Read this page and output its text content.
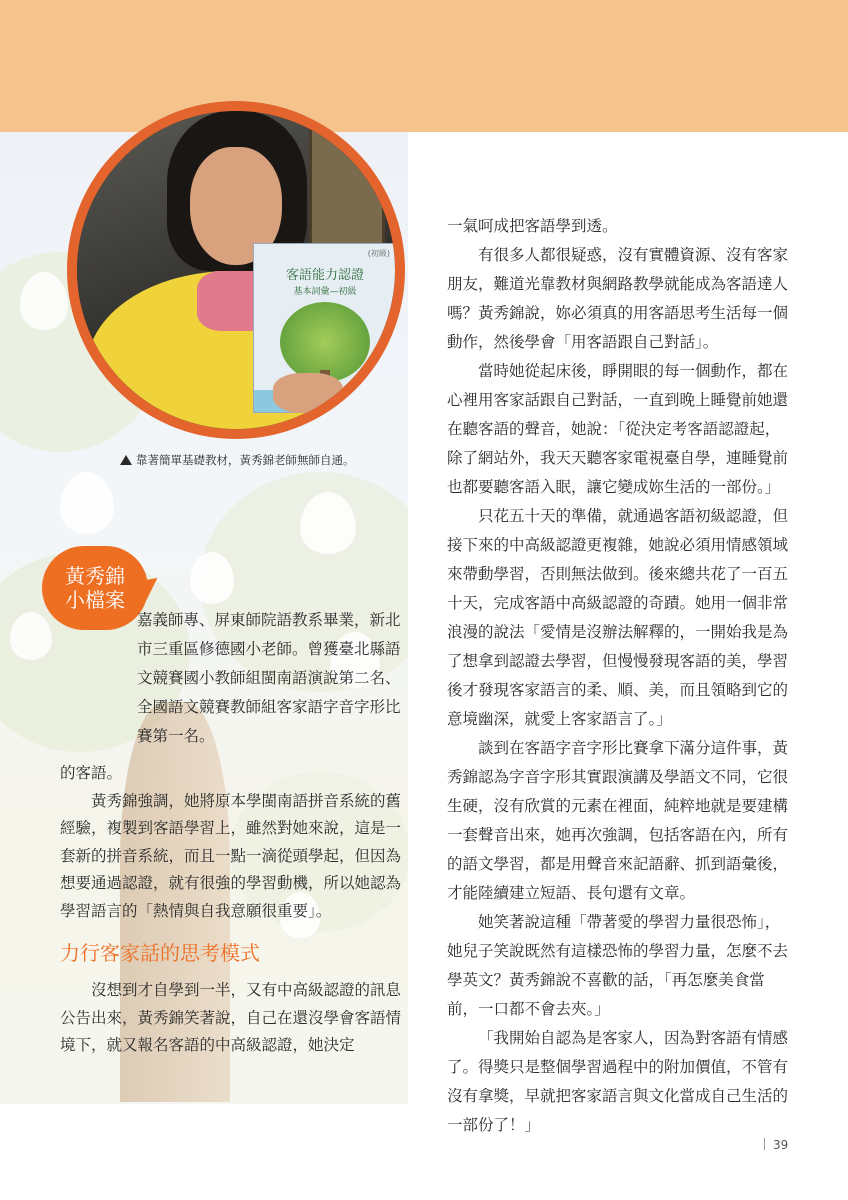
(初級)
客語能力認證
基本詞彙—初級
靠著簡單基礎教材，黃秀錦老師無師自通。
黃秀錦
小檔案

嘉義師專、屏東師院語教系畢業，新北市三重區修德國小老師。曾獲臺北縣語文競賽國小教師組閩南語演說第二名、全國語文競賽教師組客家語字音字形比賽第一名。

的客語。

黃秀錦強調，她將原本學閩南語拼音系統的舊經驗，複製到客語學習上，雖然對她來說，這是一套新的拼音系統，而且一點一滴從頭學起，但因為想要通過認證，就有很強的學習動機，所以她認為學習語言的「熱情與自我意願很重要」。

力行客家話的思考模式

沒想到才自學到一半，又有中高級認證的訊息公告出來，黃秀錦笑著說，自己在還沒學會客語情境下，就又報名客語的中高級認證，她決定

一氣呵成把客語學到透。

有很多人都很疑惑，沒有實體資源、沒有客家朋友，難道光靠教材與網路教學就能成為客語達人嗎？黃秀錦說，妳必須真的用客語思考生活每一個動作，然後學會「用客語跟自己對話」。

當時她從起床後，睜開眼的每一個動作，都在心裡用客家話跟自己對話，一直到晚上睡覺前她還在聽客語的聲音，她說：「從決定考客語認證起，除了網站外，我天天聽客家電視臺自學，連睡覺前也都要聽客語入眠，讓它變成妳生活的一部份。」

只花五十天的準備，就通過客語初級認證，但接下來的中高級認證更複雜，她說必須用情感領域來帶動學習，否則無法做到。後來總共花了一百五十天，完成客語中高級認證的奇蹟。她用一個非常浪漫的說法「愛情是沒辦法解釋的，一開始我是為了想拿到認證去學習，但慢慢發現客語的美，學習後才發現客家語言的柔、順、美，而且領略到它的意境幽深，就愛上客家語言了。」

談到在客語字音字形比賽拿下滿分這件事，黃秀錦認為字音字形其實跟演講及學語文不同，它很生硬，沒有欣賞的元素在裡面，純粹地就是要建構一套聲音出來，她再次強調，包括客語在內，所有的語文學習，都是用聲音來記語辭、抓到語彙後，才能陸續建立短語、長句還有文章。

她笑著說這種「帶著愛的學習力量很恐怖」，她兒子笑說既然有這樣恐怖的學習力量，怎麼不去學英文？黃秀錦說不喜歡的話，「再怎麼美食當前，一口都不會去夾。」

「我開始自認為是客家人，因為對客語有情感了。得獎只是整個學習過程中的附加價值，不管有沒有拿獎，早就把客家語言與文化當成自己生活的一部份了！」

39
